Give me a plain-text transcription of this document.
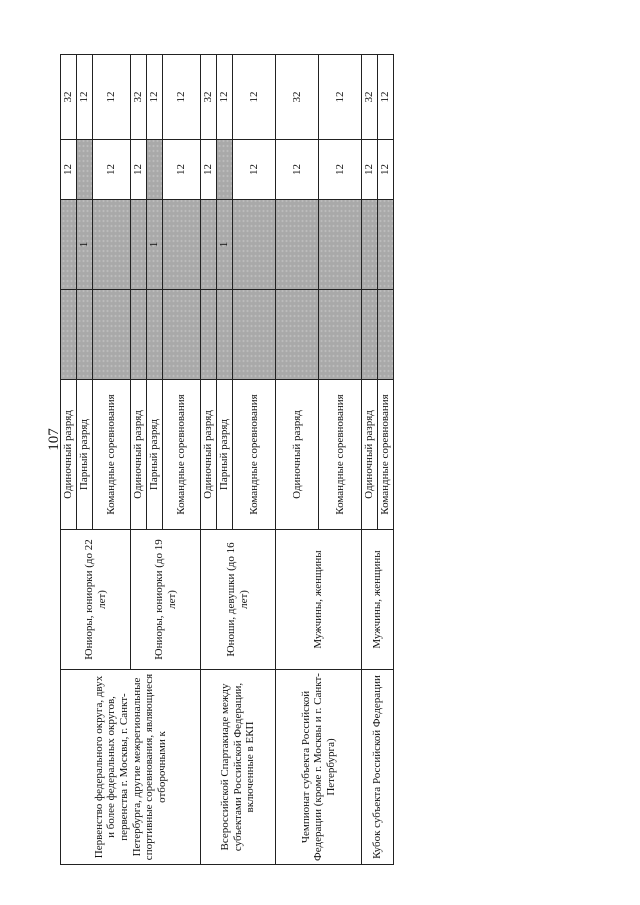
107
Первенство федерального округа, двух и более федеральных округов, первенства г. Москвы, г. Санкт-Петербурга, другие межрегиональные спортивные соревнования, являющиеся отборочными к	Юниоры, юниорки (до 22 лет)	Одиночный разряд			12	32
		Парный разряд		1		12
		Командные соревнования			12	12
	Юниоры, юниорки (до 19 лет)	Одиночный разряд			12	32
		Парный разряд		1		12
		Командные соревнования			12	12
Всероссийской Спартакиаде между субъектами Российской Федерации, включенные в ЕКП	Юноши, девушки (до 16 лет)	Одиночный разряд			12	32
		Парный разряд		1		12
		Командные соревнования			12	12
Чемпионат субъекта Российской Федерации (кроме г. Москвы и г. Санкт-Петербурга)	Мужчины, женщины	Одиночный разряд			12	32
		Командные соревнования			12	12
Кубок субъекта Российской Федерации	Мужчины, женщины	Одиночный разряд			12	32
		Командные соревнования			12	12
